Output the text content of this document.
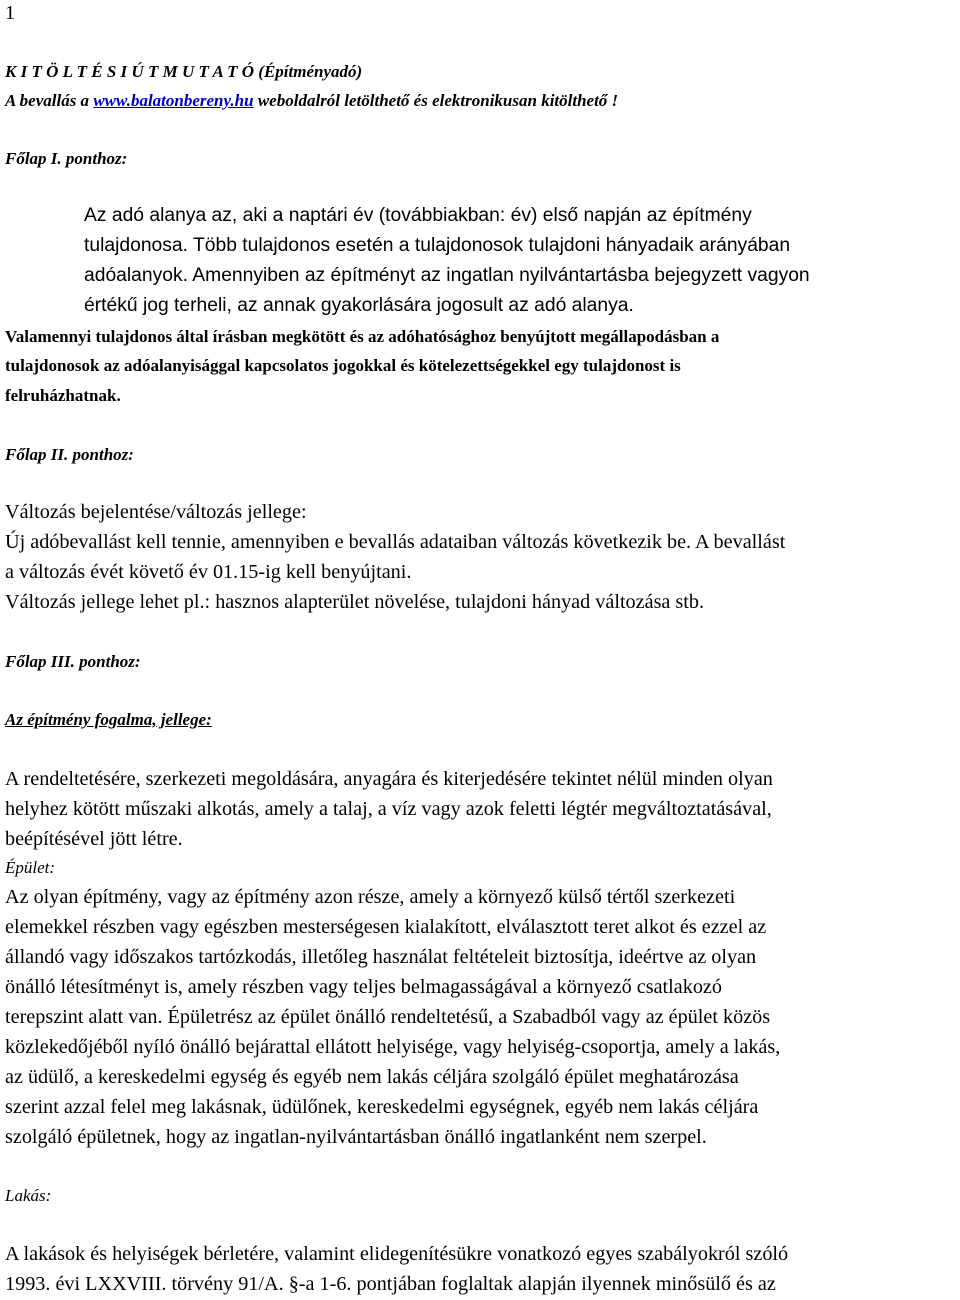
1
K I T Ö L T É S I Ú T M U T A T Ó (Építményadó)
A bevallás a www.balatonbereny.hu weboldalról letölthető és elektronikusan kitölthető !
Főlap I. ponthoz:
Az adó alanya az, aki a naptári év (továbbiakban: év) első napján az építmény
tulajdonosa. Több tulajdonos esetén a tulajdonosok tulajdoni hányadaik arányában
adóalanyok. Amennyiben az építményt az ingatlan nyilvántartásba bejegyzett vagyon
értékű jog terheli, az annak gyakorlására jogosult az adó alanya.
Valamennyi tulajdonos által írásban megkötött és az adóhatósághoz benyújtott megállapodásban a
tulajdonosok az adóalanyisággal kapcsolatos jogokkal és kötelezettségekkel egy tulajdonost is
felruházhatnak.
Főlap II. ponthoz:
Változás bejelentése/változás jellege:
Új adóbevallást kell tennie, amennyiben e bevallás adataiban változás következik be. A bevallást
a változás évét követő év 01.15-ig kell benyújtani.
Változás jellege lehet pl.: hasznos alapterület növelése, tulajdoni hányad változása stb.
Főlap III. ponthoz:
Az építmény fogalma, jellege:
A rendeltetésére, szerkezeti megoldására, anyagára és kiterjedésére tekintet nélül minden olyan
helyhez kötött műszaki alkotás, amely a talaj, a víz vagy azok feletti légtér megváltoztatásával,
beépítésével jött létre.
Épület:
Az olyan építmény, vagy az építmény azon része, amely a környező külső tértől szerkezeti
elemekkel részben vagy egészben mesterségesen kialakított, elválasztott teret alkot és ezzel az
állandó vagy időszakos tartózkodás, illetőleg használat feltételeit biztosítja, ideértve az olyan
önálló létesítményt is, amely részben vagy teljes belmagasságával a környező csatlakozó
terepszint alatt van. Épületrész az épület önálló rendeltetésű, a Szabadból vagy az épület közös
közlekedőjéből nyíló önálló bejárattal ellátott helyisége, vagy helyiség-csoportja, amely a lakás,
az üdülő, a kereskedelmi egység és egyéb nem lakás céljára szolgáló épület meghatározása
szerint azzal felel meg lakásnak, üdülőnek, kereskedelmi egységnek, egyéb nem lakás céljára
szolgáló épületnek, hogy az ingatlan-nyilvántartásban önálló ingatlanként nem szerpel.
Lakás:
A lakások és helyiségek bérletére, valamint elidegenítésükre vonatkozó egyes szabályokról szóló
1993. évi LXXVIII. törvény 91/A. §-a 1-6. pontjában foglaltak alapján ilyennek minősülő és az
